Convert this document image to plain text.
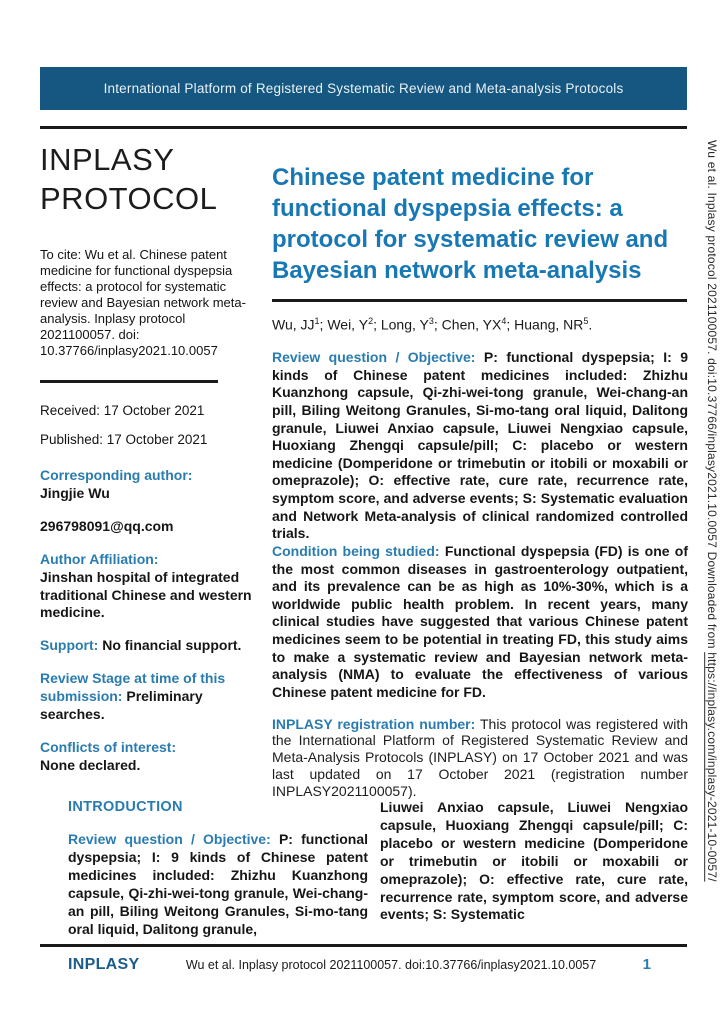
International Platform of Registered Systematic Review and Meta-analysis Protocols
INPLASY
PROTOCOL

To cite: Wu et al. Chinese patent medicine for functional dyspepsia effects: a protocol for systematic review and Bayesian network meta-analysis. Inplasy protocol 2021100057. doi: 10.37766/inplasy2021.10.0057

Received: 17 October 2021

Published: 17 October 2021

Corresponding author:
Jingjie Wu

296798091@qq.com

Author Affiliation:
Jinshan hospital of integrated traditional Chinese and western medicine.

Support: No financial support.

Review Stage at time of this submission: Preliminary searches.

Conflicts of interest:
None declared.

Chinese patent medicine for functional dyspepsia effects: a protocol for systematic review and Bayesian network meta-analysis

Wu, $JJ^1$; Wei, $Y^2$; Long, $Y^3$; Chen, $YX^4$; Huang, $NR^5$.

Review question / Objective: P: functional dyspepsia; I: 9 kinds of Chinese patent medicines included: Zhizhu Kuanzhong capsule, Qi-zhi-wei-tong granule, Wei-chang-an pill, Biling Weitong Granules, Si-mo-tang oral liquid, Dalitong granule, Liuwei Anxiao capsule, Liuwei Nengxiao capsule, Huoxiang Zhengqi capsule/pill; C: placebo or western medicine (Domperidone or trimebutin or itobili or moxabili or omeprazole); O: effective rate, cure rate, recurrence rate, symptom score, and adverse events; S: Systematic evaluation and Network Meta-analysis of clinical randomized controlled trials.

Condition being studied: Functional dyspepsia (FD) is one of the most common diseases in gastroenterology outpatient, and its prevalence can be as high as 10%-30%, which is a worldwide public health problem. In recent years, many clinical studies have suggested that various Chinese patent medicines seem to be potential in treating FD, this study aims to make a systematic review and Bayesian network meta-analysis (NMA) to evaluate the effectiveness of various Chinese patent medicine for FD.

INPLASY registration number: This protocol was registered with the International Platform of Registered Systematic Review and Meta-Analysis Protocols (INPLASY) on 17 October 2021 and was last updated on 17 October 2021 (registration number INPLASY2021100057).

INTRODUCTION

Review question / Objective: P: functional dyspepsia; I: 9 kinds of Chinese patent medicines included: Zhizhu Kuanzhong capsule, Qi-zhi-wei-tong granule, Wei-chang-an pill, Biling Weitong Granules, Si-mo-tang oral liquid, Dalitong granule,

Liuwei Anxiao capsule, Liuwei Nengxiao capsule, Huoxiang Zhengqi capsule/pill; C: placebo or western medicine (Domperidone or trimebutin or itobili or moxabili or omeprazole); O: effective rate, cure rate, recurrence rate, symptom score, and adverse events; S: Systematic

INPLASY	Wu et al. Inplasy protocol 2021100057. doi:10.37766/inplasy2021.10.0057	1
Wu et al. Inplasy protocol 2021100057. doi:10.37766/inplasy2021.10.0057 Downloaded from https://inplasy.com/inplasy-2021-10-0057/
